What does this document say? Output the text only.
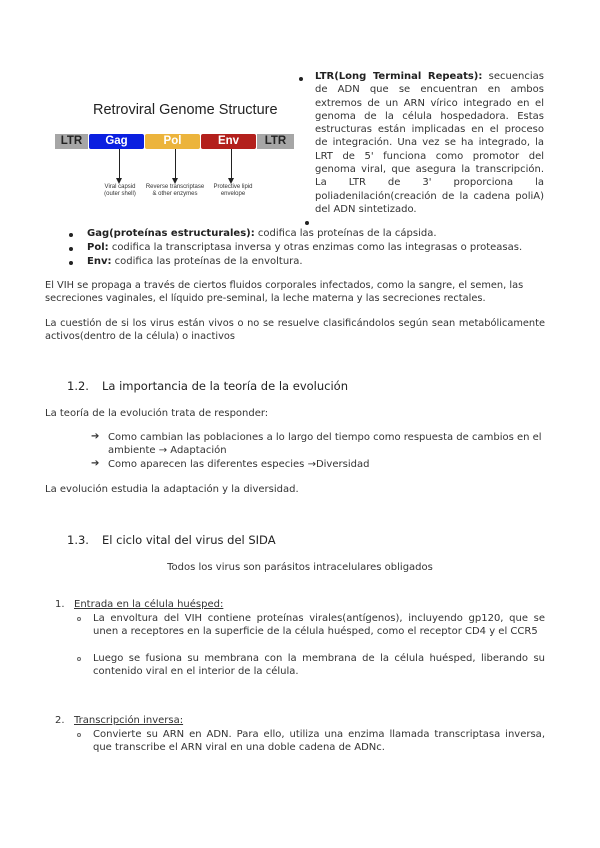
Retroviral Genome Structure
LTR	Gag	Pol	Env	LTR
Viral capsid
(outer shell)
Reverse transcriptase
& other enzymes
Protective lipid
envelope
LTR(Long Terminal Repeats): secuencias de ADN que se encuentran en ambos extremos de un ARN vírico integrado en el genoma de la célula hospedadora. Estas estructuras están implicadas en el proceso de integración. Una vez se ha integrado, la LRT de 5' funciona como promotor del genoma viral, que asegura la transcripción. La LTR de 3' proporciona la poliadenilación(creación de la cadena poliA) del ADN sintetizado.
Gag(proteínas estructurales): codifica las proteínas de la cápsida.
Pol: codifica la transcriptasa inversa y otras enzimas como las integrasas o proteasas.
Env: codifica las proteínas de la envoltura.
El VIH se propaga a través de ciertos fluidos corporales infectados, como la sangre, el semen, las secreciones vaginales, el líquido pre-seminal, la leche materna y las secreciones rectales.
La cuestión de si los virus están vivos o no se resuelve clasificándolos según sean metabólicamente activos(dentro de la célula) o inactivos
1.2. La importancia de la teoría de la evolución
La teoría de la evolución trata de responder:
➔ Como cambian las poblaciones a lo largo del tiempo como respuesta de cambios en el ambiente → Adaptación
➔ Como aparecen las diferentes especies →Diversidad
La evolución estudia la adaptación y la diversidad.
1.3. El ciclo vital del virus del SIDA
Todos los virus son parásitos intracelulares obligados
1. Entrada en la célula huésped:
La envoltura del VIH contiene proteínas virales(antígenos), incluyendo gp120, que se unen a receptores en la superficie de la célula huésped, como el receptor CD4 y el CCR5
Luego se fusiona su membrana con la membrana de la célula huésped, liberando su contenido viral en el interior de la célula.
2. Transcripción inversa:
Convierte su ARN en ADN. Para ello, utiliza una enzima llamada transcriptasa inversa, que transcribe el ARN viral en una doble cadena de ADNc.
